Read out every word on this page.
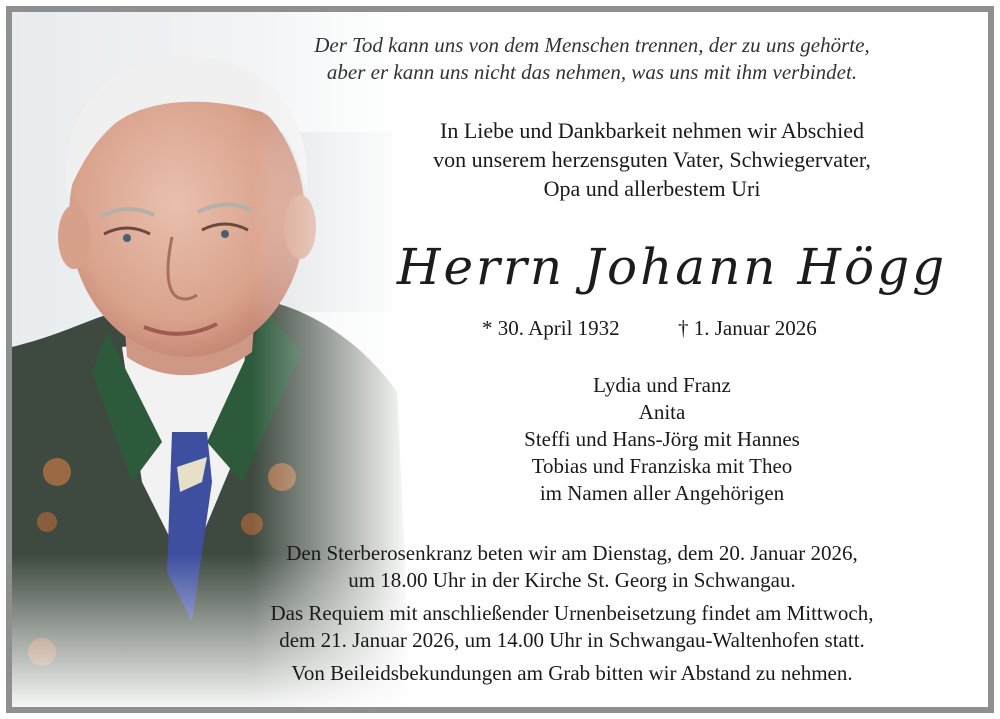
Der Tod kann uns von dem Menschen trennen, der zu uns gehörte,
aber er kann uns nicht das nehmen, was uns mit ihm verbindet.
In Liebe und Dankbarkeit nehmen wir Abschied
von unserem herzensguten Vater, Schwiegervater,
Opa und allerbestem Uri
Herrn Johann Högg
* 30. April 1932	† 1. Januar 2026
Lydia und Franz
Anita
Steffi und Hans-Jörg mit Hannes
Tobias und Franziska mit Theo
im Namen aller Angehörigen
Den Sterberosenkranz beten wir am Dienstag, dem 20. Januar 2026,
um 18.00 Uhr in der Kirche St. Georg in Schwangau.
Das Requiem mit anschließender Urnenbeisetzung findet am Mittwoch,
dem 21. Januar 2026, um 14.00 Uhr in Schwangau-Waltenhofen statt.
Von Beileidsbekundungen am Grab bitten wir Abstand zu nehmen.
